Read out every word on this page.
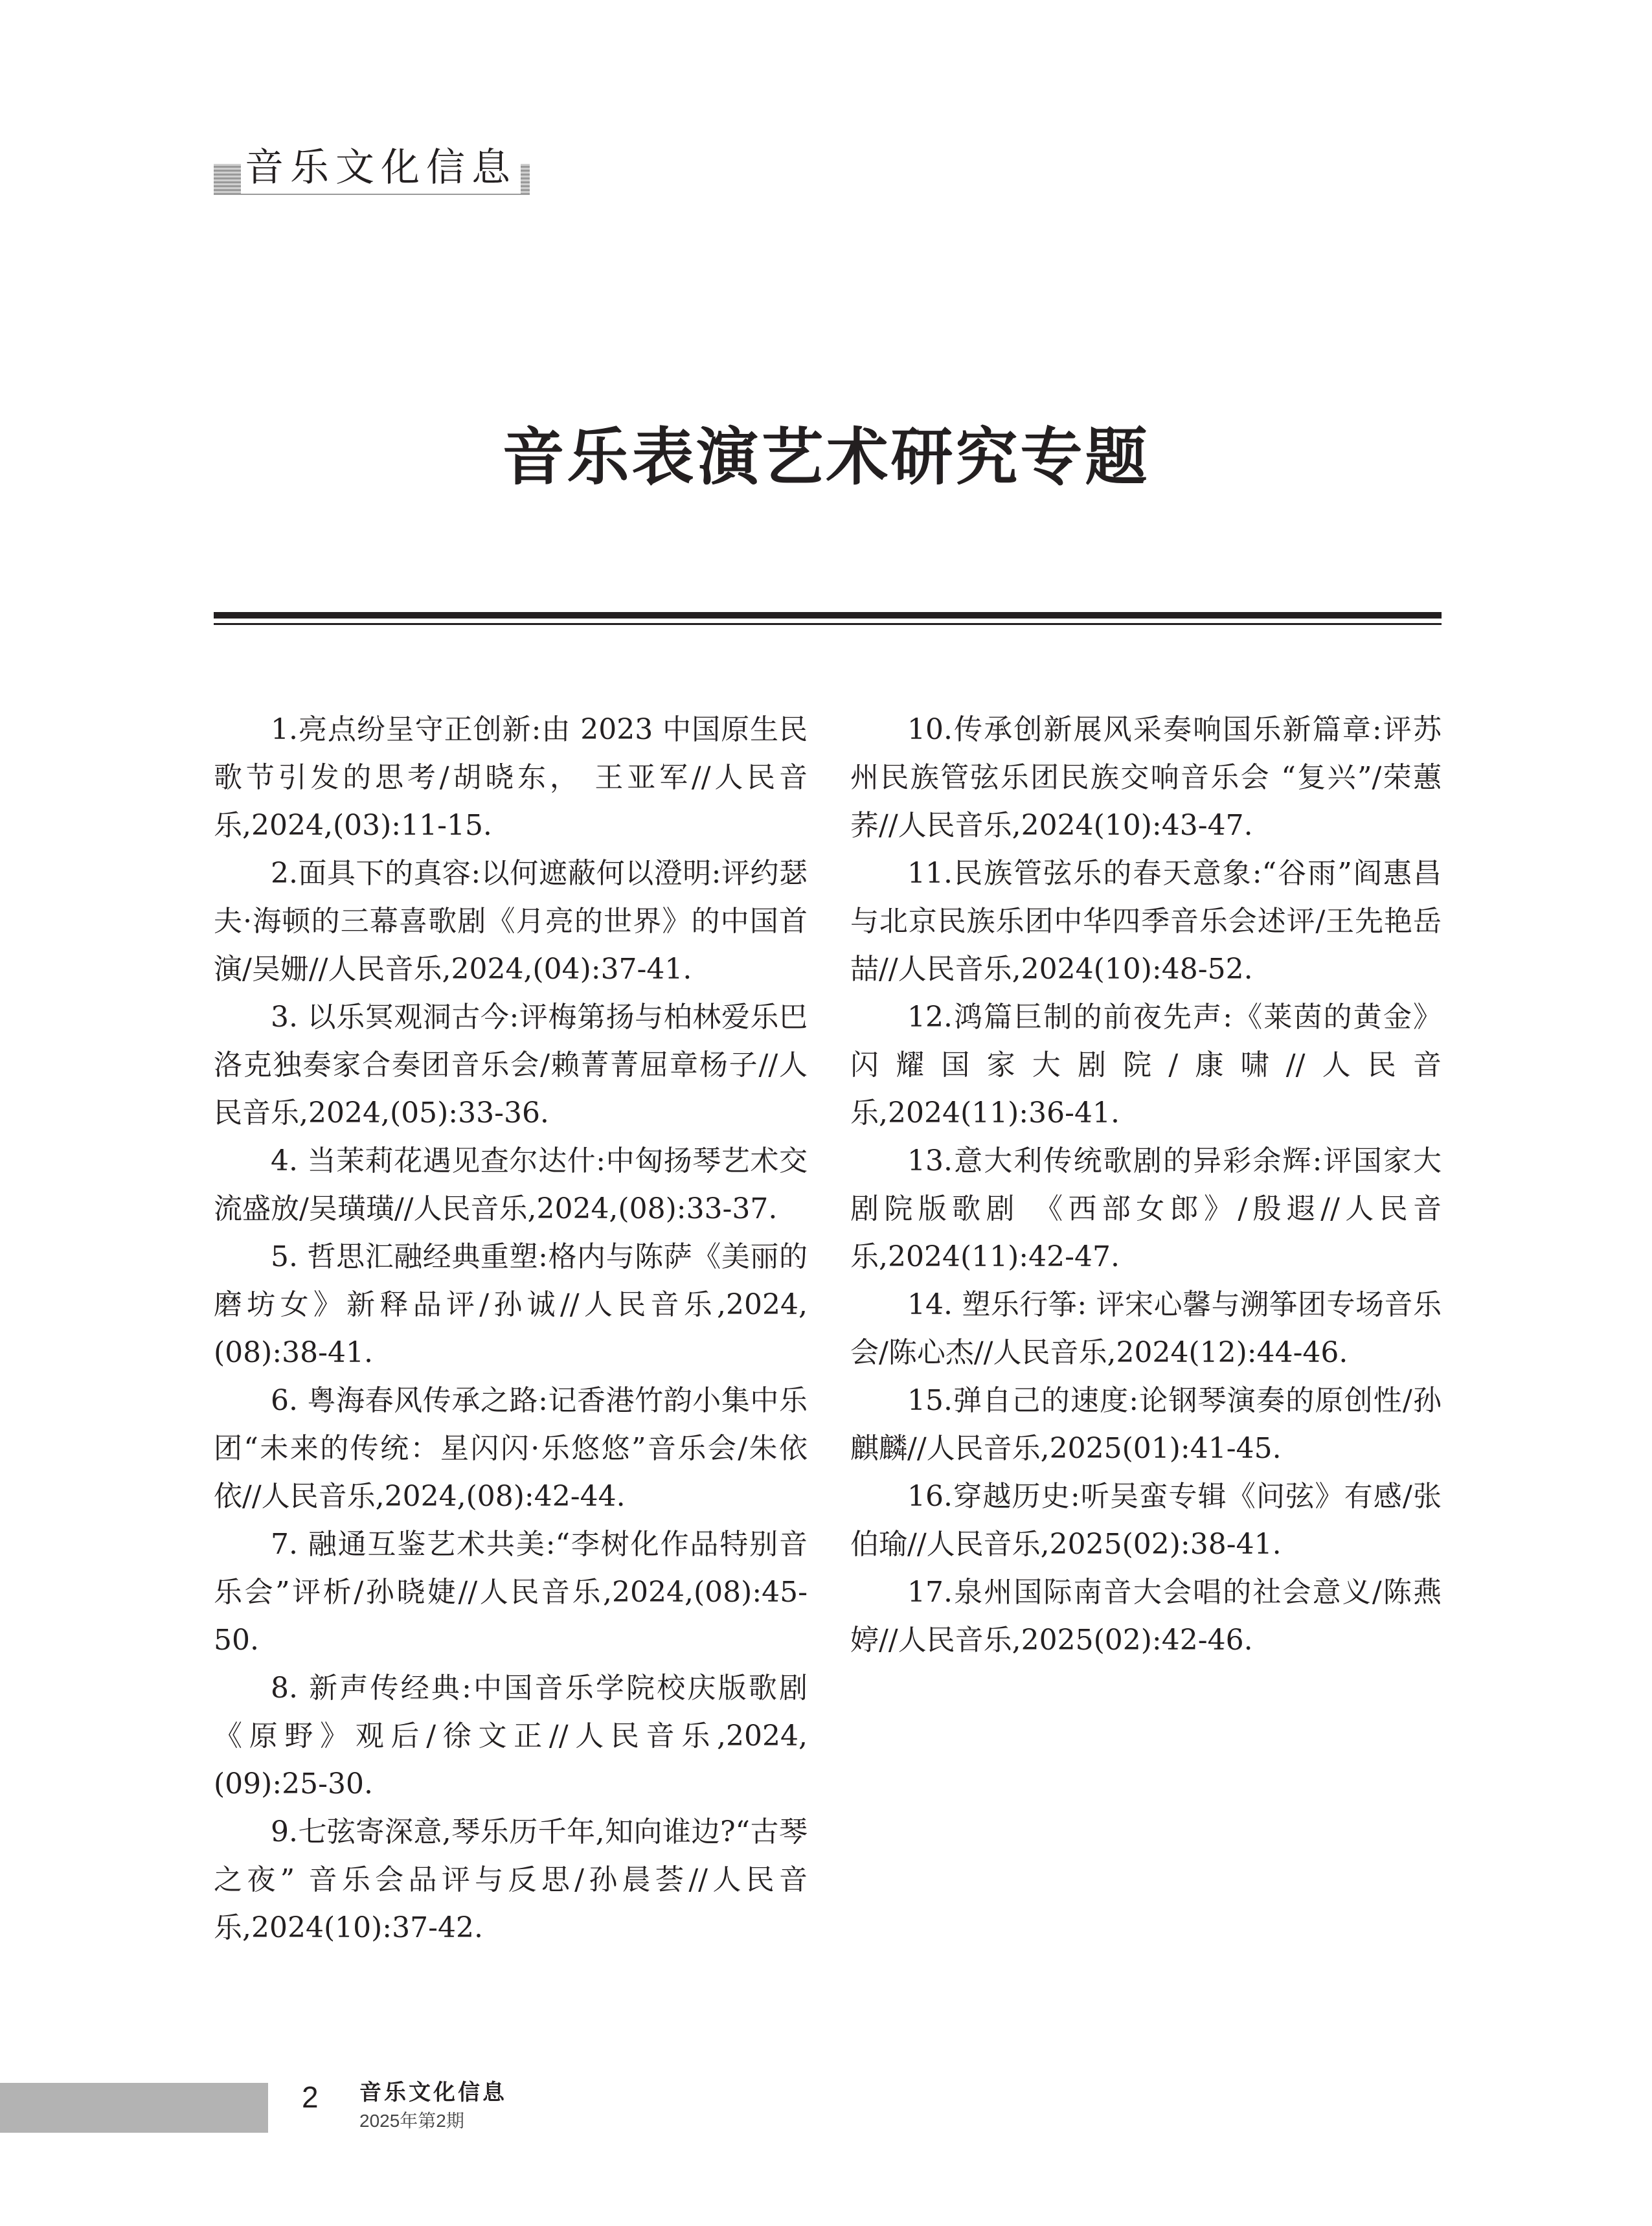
音乐文化信息
音乐表演艺术研究专题

1.亮点纷呈守正创新:由 2023 中国原生民歌节引发的思考/胡晓东， 王亚军//人民音乐,2024,(03):11-15.

2.面具下的真容:以何遮蔽何以澄明:评约瑟夫·海顿的三幕喜歌剧《月亮的世界》的中国首演/吴姗//人民音乐,2024,(04):37-41.

3. 以乐冥观洞古今:评梅第扬与柏林爱乐巴洛克独奏家合奏团音乐会/赖菁菁屈章杨子//人民音乐,2024,(05):33-36.

4. 当茉莉花遇见查尔达什:中匈扬琴艺术交流盛放/吴璜璜//人民音乐,2024,(08):33-37.

5. 哲思汇融经典重塑:格内与陈萨《美丽的磨坊女》新释品评/孙诚//人民音乐,2024,(08):38-41.

6. 粤海春风传承之路:记香港竹韵小集中乐团“未来的传统：星闪闪·乐悠悠”音乐会/朱依依//人民音乐,2024,(08):42-44.

7. 融通互鉴艺术共美:“李树化作品特别音乐会”评析/孙晓婕//人民音乐,2024,(08):45-50.

8. 新声传经典:中国音乐学院校庆版歌剧《原野》观后/徐文正//人民音乐,2024,(09):25-30.

9.七弦寄深意,琴乐历千年,知向谁边?“古琴之夜” 音乐会品评与反思/孙晨荟//人民音乐,2024(10):37-42.

10.传承创新展风采奏响国乐新篇章:评苏州民族管弦乐团民族交响音乐会 “复兴”/荣蕙荞//人民音乐,2024(10):43-47.

11.民族管弦乐的春天意象:“谷雨”阎惠昌与北京民族乐团中华四季音乐会述评/王先艳岳喆//人民音乐,2024(10):48-52.

12.鸿篇巨制的前夜先声:《莱茵的黄金》闪耀国家大剧院/康啸//人民音乐,2024(11):36-41.

13.意大利传统歌剧的异彩余辉:评国家大剧院版歌剧 《西部女郎》/殷遐//人民音乐,2024(11):42-47.

14. 塑乐行筝: 评宋心馨与溯筝团专场音乐会/陈心杰//人民音乐,2024(12):44-46.

15.弹自己的速度:论钢琴演奏的原创性/孙麒麟//人民音乐,2025(01):41-45.

16.穿越历史:听吴蛮专辑《问弦》有感/张伯瑜//人民音乐,2025(02):38-41.

17.泉州国际南音大会唱的社会意义/陈燕婷//人民音乐,2025(02):42-46.

2 音乐文化信息
2025年第2期
